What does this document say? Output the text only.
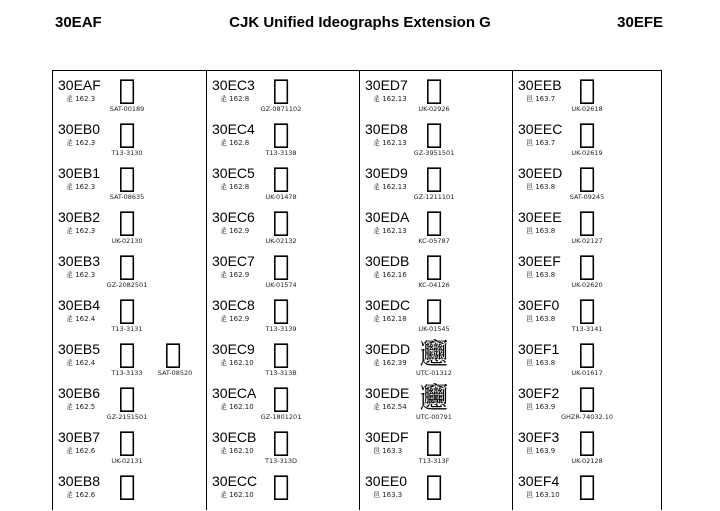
30EAF	CJK Unified Ideographs Extension G	30EFE
30EAF
辵 162.3 𰺯
SAT-00189
30EB0
辵 162.3 𰺰
T13-3130
30EB1
辵 162.3 𰺱
SAT-08635
30EB2
辵 162.3 𰺲
UK-02130
30EB3
辵 162.3 𰺳
GZ-2082501
30EB4
辵 162.4 𰺴
T13-3131
30EB5
辵 162.4 𰺵
T13-3133
𰺵
SAT-08520
30EB6
辵 162.5 𰺶
GZ-2151501
30EB7
辵 162.6 𰺷
UK-02131
30EB8
辵 162.6 𰺸
30EC3
辵 162.8 𰻃
GZ-0871102
30EC4
辵 162.8 𰻄
T13-3138
30EC5
辵 162.8 𰻅
UK-01478
30EC6
辵 162.9 𰻆
UK-02132
30EC7
辵 162.9 𰻇
UK-01574
30EC8
辵 162.9 𰻈
T13-3139
30EC9
辵 162.10 𰻉
T13-313B
30ECA
辵 162.10 𰻊
GZ-1801201
30ECB
辵 162.10 𰻋
T13-313D
30ECC
辵 162.10 𰻌
30ED7
辵 162.13 𰻗
UK-02926
30ED8
辵 162.13 𰻘
GZ-3951501
30ED9
辵 162.13 𰻙
GZ-1211101
30EDA
辵 162.13 𰻚
KC-05787
30EDB
辵 162.16 𰻛
KC-04126
30EDC
辵 162.18 𰻜
UK-01545
30EDD
辵 162.39 𰻝
UTC-01312
30EDE
辵 162.54 𰻞
UTC-00791
30EDF
邑 163.3 𰻟
T13-313F
30EE0
邑 163.3 𰻠
30EEB
邑 163.7 𰻫
UK-02618
30EEC
邑 163.7 𰻬
UK-02619
30EED
邑 163.8 𰻭
SAT-09245
30EEE
邑 163.8 𰻮
UK-02127
30EEF
邑 163.8 𰻯
UK-02620
30EF0
邑 163.8 𰻰
T13-3141
30EF1
邑 163.8 𰻱
UK-01617
30EF2
邑 163.9 𰻲
GHZR-74032.10
30EF3
邑 163.9 𰻳
UK-02128
30EF4
邑 163.10 𰻴
